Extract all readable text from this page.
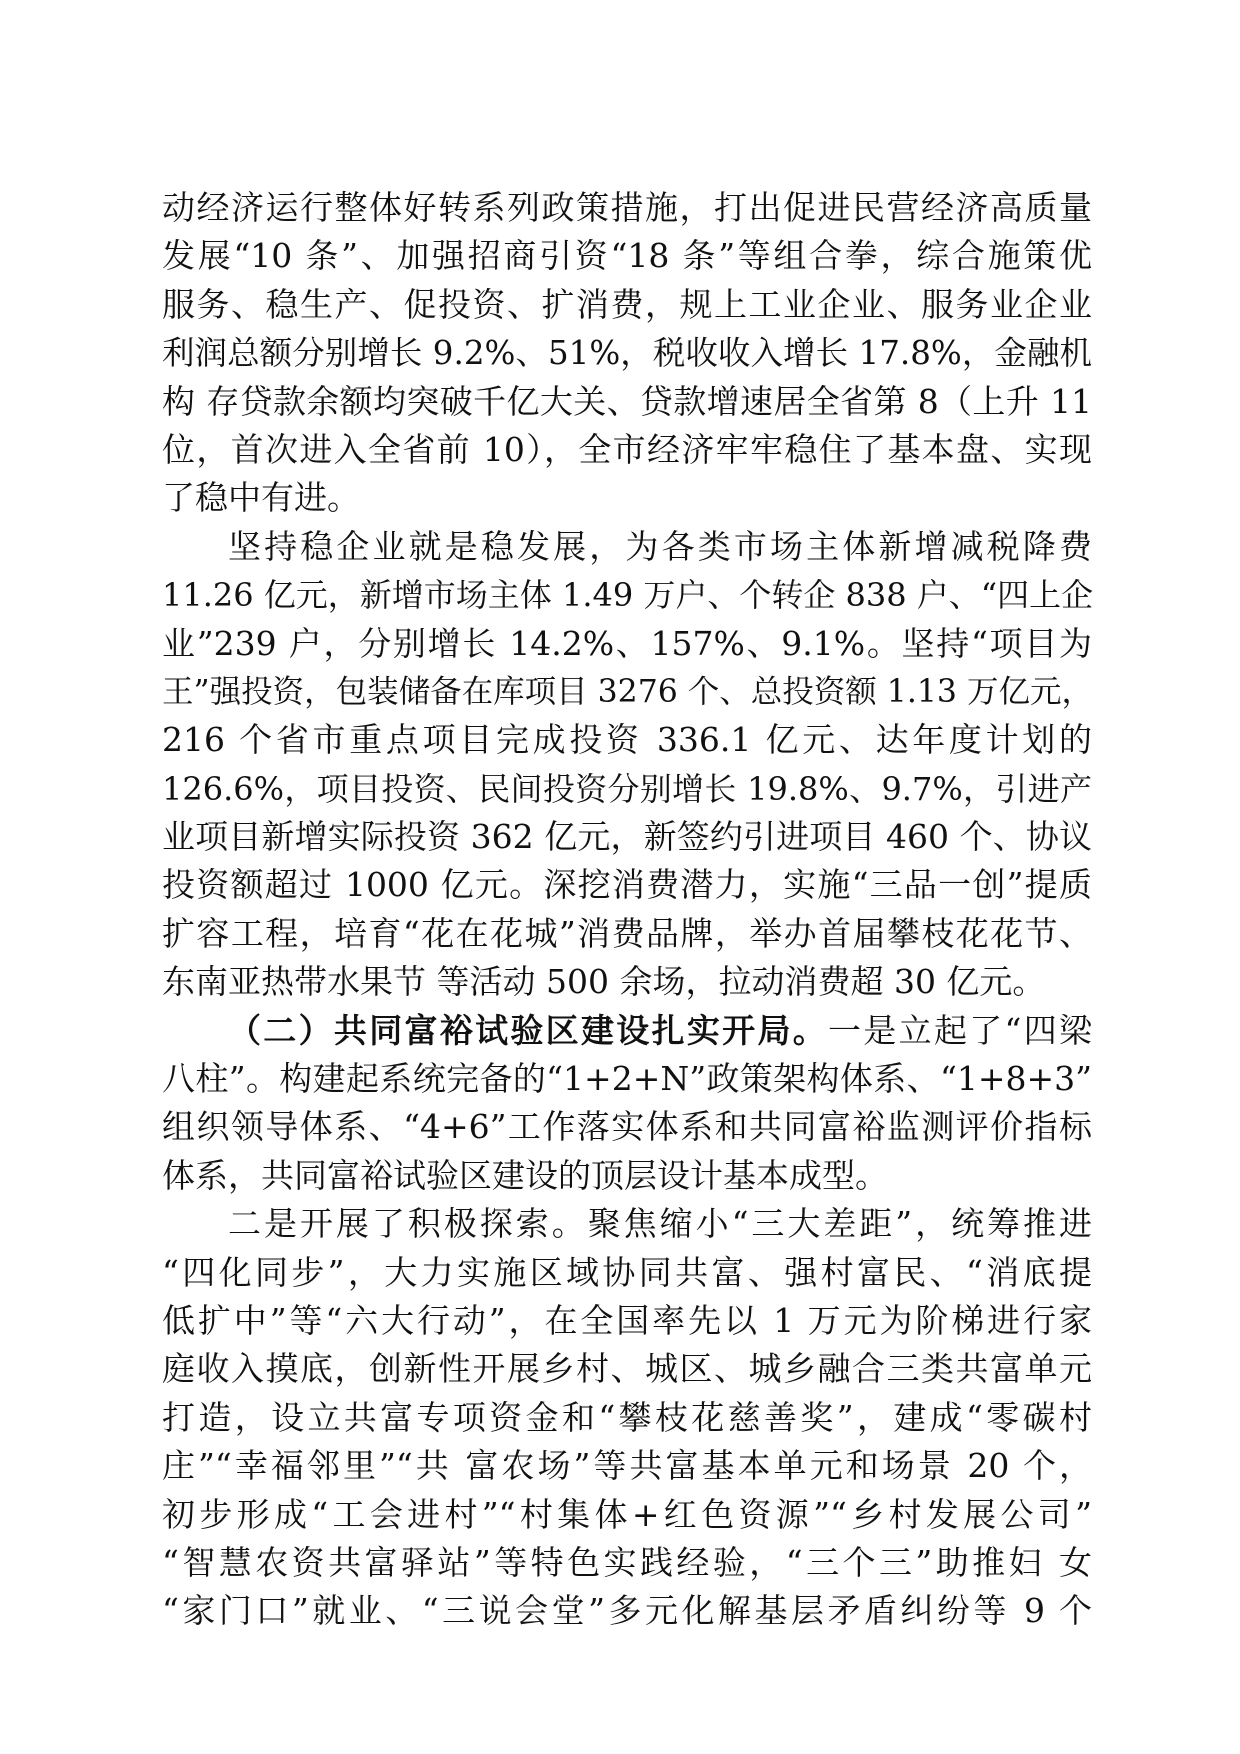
动经济运行整体好转系列政策措施，打出促进民营经济高质量
发展“10 条”、加强招商引资“18 条”等组合拳，综合施策优
服务、稳生产、促投资、扩消费，规上工业企业、服务业企业
利润总额分别增长 9.2%、51%，税收收入增长 17.8%，金融机
构 存贷款余额均突破千亿大关、贷款增速居全省第 8（上升 11
位，首次进入全省前 10），全市经济牢牢稳住了基本盘、实现
了稳中有进。
坚持稳企业就是稳发展，为各类市场主体新增减税降费
11.26 亿元，新增市场主体 1.49 万户、个转企 838 户、“四上企
业”239 户，分别增长 14.2%、157%、9.1%。坚持“项目为
王”强投资，包装储备在库项目 3276 个、总投资额 1.13 万亿元，
216 个省市重点项目完成投资 336.1 亿元、达年度计划的
126.6%，项目投资、民间投资分别增长 19.8%、9.7%，引进产
业项目新增实际投资 362 亿元，新签约引进项目 460 个、协议
投资额超过 1000 亿元。深挖消费潜力，实施“三品一创”提质
扩容工程，培育“花在花城”消费品牌，举办首届攀枝花花节、
东南亚热带水果节 等活动 500 余场，拉动消费超 30 亿元。
（二）共同富裕试验区建设扎实开局。一是立起了“四梁
八柱”。构建起系统完备的“1+2+N”政策架构体系、“1+8+3”
组织领导体系、“4+6”工作落实体系和共同富裕监测评价指标
体系，共同富裕试验区建设的顶层设计基本成型。
二是开展了积极探索。聚焦缩小“三大差距”，统筹推进
“四化同步”，大力实施区域协同共富、强村富民、“消底提
低扩中”等“六大行动”，在全国率先以 1 万元为阶梯进行家
庭收入摸底，创新性开展乡村、城区、城乡融合三类共富单元
打造，设立共富专项资金和“攀枝花慈善奖”，建成“零碳村
庄”“幸福邻里”“共 富农场”等共富基本单元和场景 20 个，
初步形成“工会进村”“村集体+红色资源”“乡村发展公司”
“智慧农资共富驿站”等特色实践经验，“三个三”助推妇 女
“家门口”就业、“三说会堂”多元化解基层矛盾纠纷等 9 个
